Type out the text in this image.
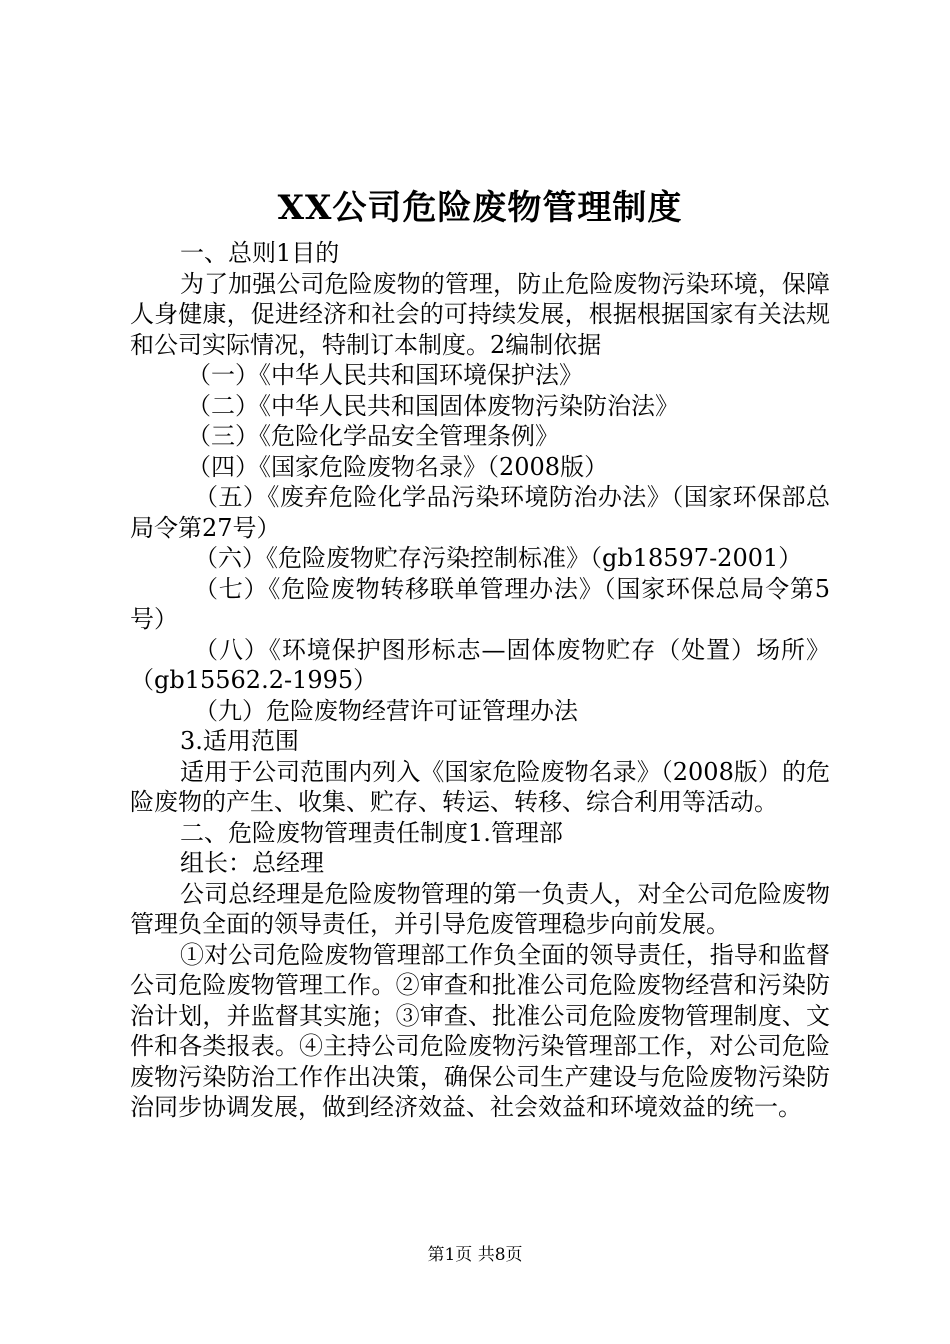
XX公司危险废物管理制度

一、总则1目的

为了加强公司危险废物的管理，防止危险废物污染环境，保障人身健康，促进经济和社会的可持续发展，根据根据国家有关法规和公司实际情况，特制订本制度。2编制依据

（一）《中华人民共和国环境保护法》

（二）《中华人民共和国固体废物污染防治法》

（三）《危险化学品安全管理条例》

（四）《国家危险废物名录》（2008版）

（五）《废弃危险化学品污染环境防治办法》（国家环保部总局令第27号）

（六）《危险废物贮存污染控制标准》（gb18597-2001）

（七）《危险废物转移联单管理办法》（国家环保总局令第5号）

（八）《环境保护图形标志—固体废物贮存（处置）场所》（gb15562.2-1995）

（九）危险废物经营许可证管理办法

3.适用范围

适用于公司范围内列入《国家危险废物名录》（2008版）的危险废物的产生、收集、贮存、转运、转移、综合利用等活动。

二、危险废物管理责任制度1.管理部

组长：总经理

公司总经理是危险废物管理的第一负责人，对全公司危险废物管理负全面的领导责任，并引导危废管理稳步向前发展。

①对公司危险废物管理部工作负全面的领导责任，指导和监督公司危险废物管理工作。②审查和批准公司危险废物经营和污染防治计划，并监督其实施；③审查、批准公司危险废物管理制度、文件和各类报表。④主持公司危险废物污染管理部工作，对公司危险废物污染防治工作作出决策，确保公司生产建设与危险废物污染防治同步协调发展，做到经济效益、社会效益和环境效益的统一。

第1页 共8页
